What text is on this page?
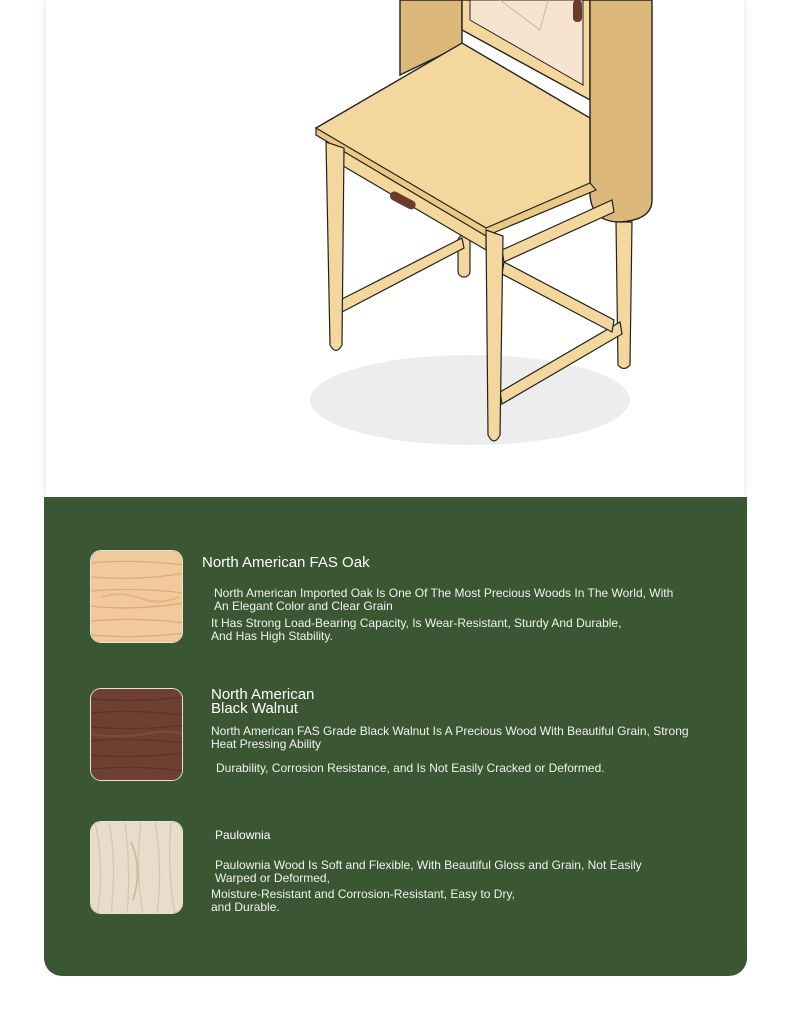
North American FAS Oak
North American Imported Oak Is One Of The Most Precious Woods In The World, With
An Elegant Color and Clear Grain
It Has Strong Load-Bearing Capacity, Is Wear-Resistant, Sturdy And Durable,
And Has High Stability.
North American
Black Walnut
North American FAS Grade Black Walnut Is A Precious Wood With Beautiful Grain, Strong
Heat Pressing Ability
Durability, Corrosion Resistance, and Is Not Easily Cracked or Deformed.
Paulownia
Paulownia Wood Is Soft and Flexible, With Beautiful Gloss and Grain, Not Easily
Warped or Deformed,
Moisture-Resistant and Corrosion-Resistant, Easy to Dry,
and Durable.
